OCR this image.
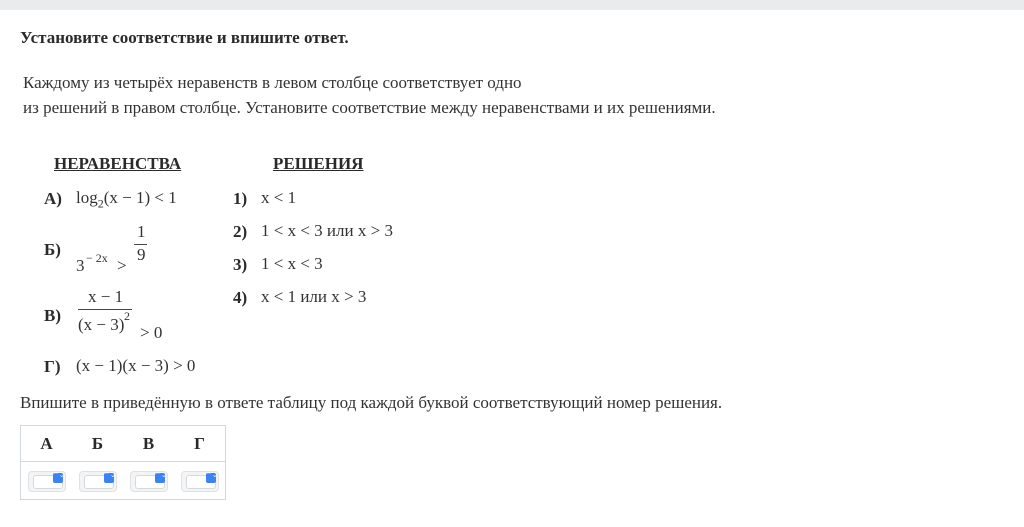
Установите соответствие и впишите ответ.
Каждому из четырёх неравенств в левом столбце соответствует одно
из решений в правом столбце. Установите соответствие между неравенствами и их решениями.
НЕРАВЕНСТВА	РЕШЕНИЯ
А) $\log_2(x - 1) < 1$
Б)
3 − 2x >
1
9
В)
x − 1
(x − 3) 2
> 0
Г) (x − 1)(x − 3) > 0
1) x < 1
2) 1 < x < 3 или x > 3
3) 1 < x < 3
4) x < 1 или x > 3
Впишите в приведённую в ответе таблицу под каждой буквой соответствующий номер решения.
А	Б	В	Г
⌃⌄	⌃⌄	⌃⌄	⌃⌄
